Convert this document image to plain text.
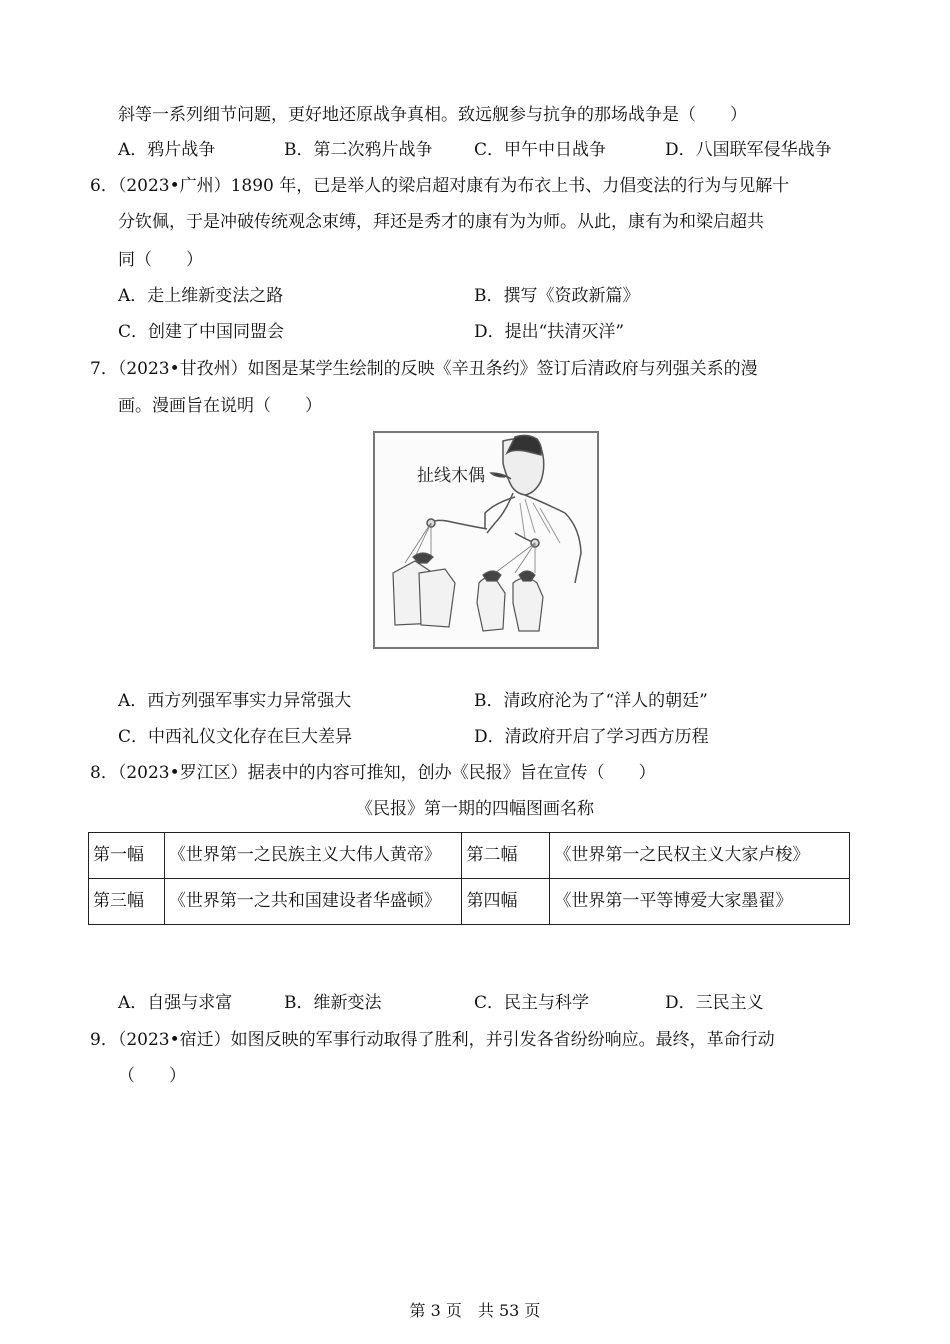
斜等一系列细节问题，更好地还原战争真相。致远舰参与抗争的那场战争是（　　）
A．鸦片战争	B．第二次鸦片战争 C．甲午中日战争	D．八国联军侵华战争
6．（2023•广州）1890 年，已是举人的梁启超对康有为布衣上书、力倡变法的行为与见解十
分钦佩，于是冲破传统观念束缚，拜还是秀才的康有为为师。从此，康有为和梁启超共
同（　　）
A．走上维新变法之路	B．撰写《资政新篇》
C．创建了中国同盟会	D．提出“扶清灭洋”
7．（2023•甘孜州）如图是某学生绘制的反映《辛丑条约》签订后清政府与列强关系的漫
画。漫画旨在说明（　　）
扯线木偶
A．西方列强军事实力异常强大	B．清政府沦为了“洋人的朝廷”
C．中西礼仪文化存在巨大差异	D．清政府开启了学习西方历程
8．（2023•罗江区）据表中的内容可推知，创办《民报》旨在宣传（　　）
《民报》第一期的四幅图画名称
第一幅	《世界第一之民族主义大伟人黄帝》	第二幅	《世界第一之民权主义大家卢梭》
第三幅	《世界第一之共和国建设者华盛顿》	第四幅	《世界第一平等博爱大家墨翟》
A．自强与求富	B．维新变法	C．民主与科学	D．三民主义
9．（2023•宿迁）如图反映的军事行动取得了胜利，并引发各省纷纷响应。最终，革命行动
（　　）
第 3 页　共 53 页
